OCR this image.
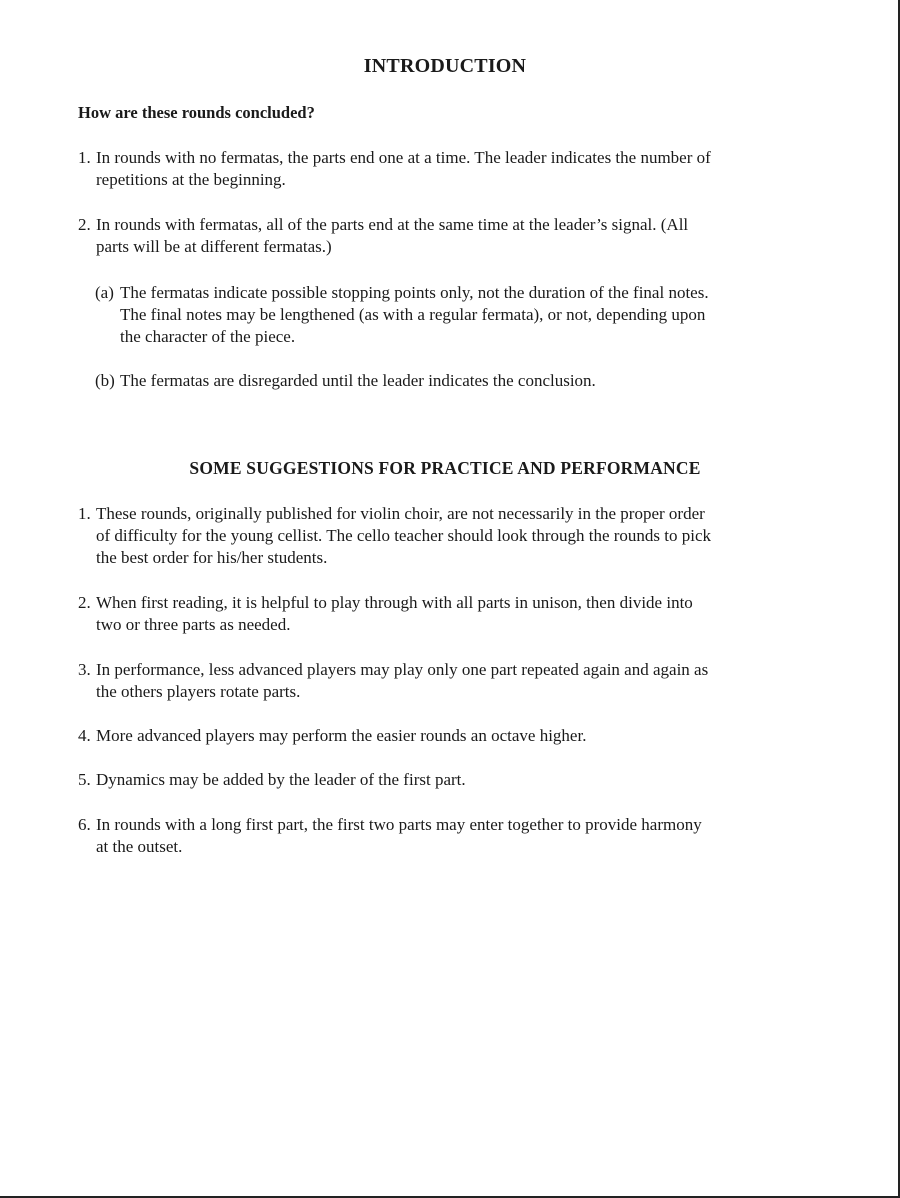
INTRODUCTION
How are these rounds concluded?
1. In rounds with no fermatas, the parts end one at a time. The leader indicates the number of
repetitions at the beginning.
2. In rounds with fermatas, all of the parts end at the same time at the leader’s signal. (All
parts will be at different fermatas.)
(a) The fermatas indicate possible stopping points only, not the duration of the final notes.
The final notes may be lengthened (as with a regular fermata), or not, depending upon
the character of the piece.
(b) The fermatas are disregarded until the leader indicates the conclusion.
SOME SUGGESTIONS FOR PRACTICE AND PERFORMANCE
1. These rounds, originally published for violin choir, are not necessarily in the proper order
of difficulty for the young cellist. The cello teacher should look through the rounds to pick
the best order for his/her students.
2. When first reading, it is helpful to play through with all parts in unison, then divide into
two or three parts as needed.
3. In performance, less advanced players may play only one part repeated again and again as
the others players rotate parts.
4. More advanced players may perform the easier rounds an octave higher.
5. Dynamics may be added by the leader of the first part.
6. In rounds with a long first part, the first two parts may enter together to provide harmony
at the outset.
